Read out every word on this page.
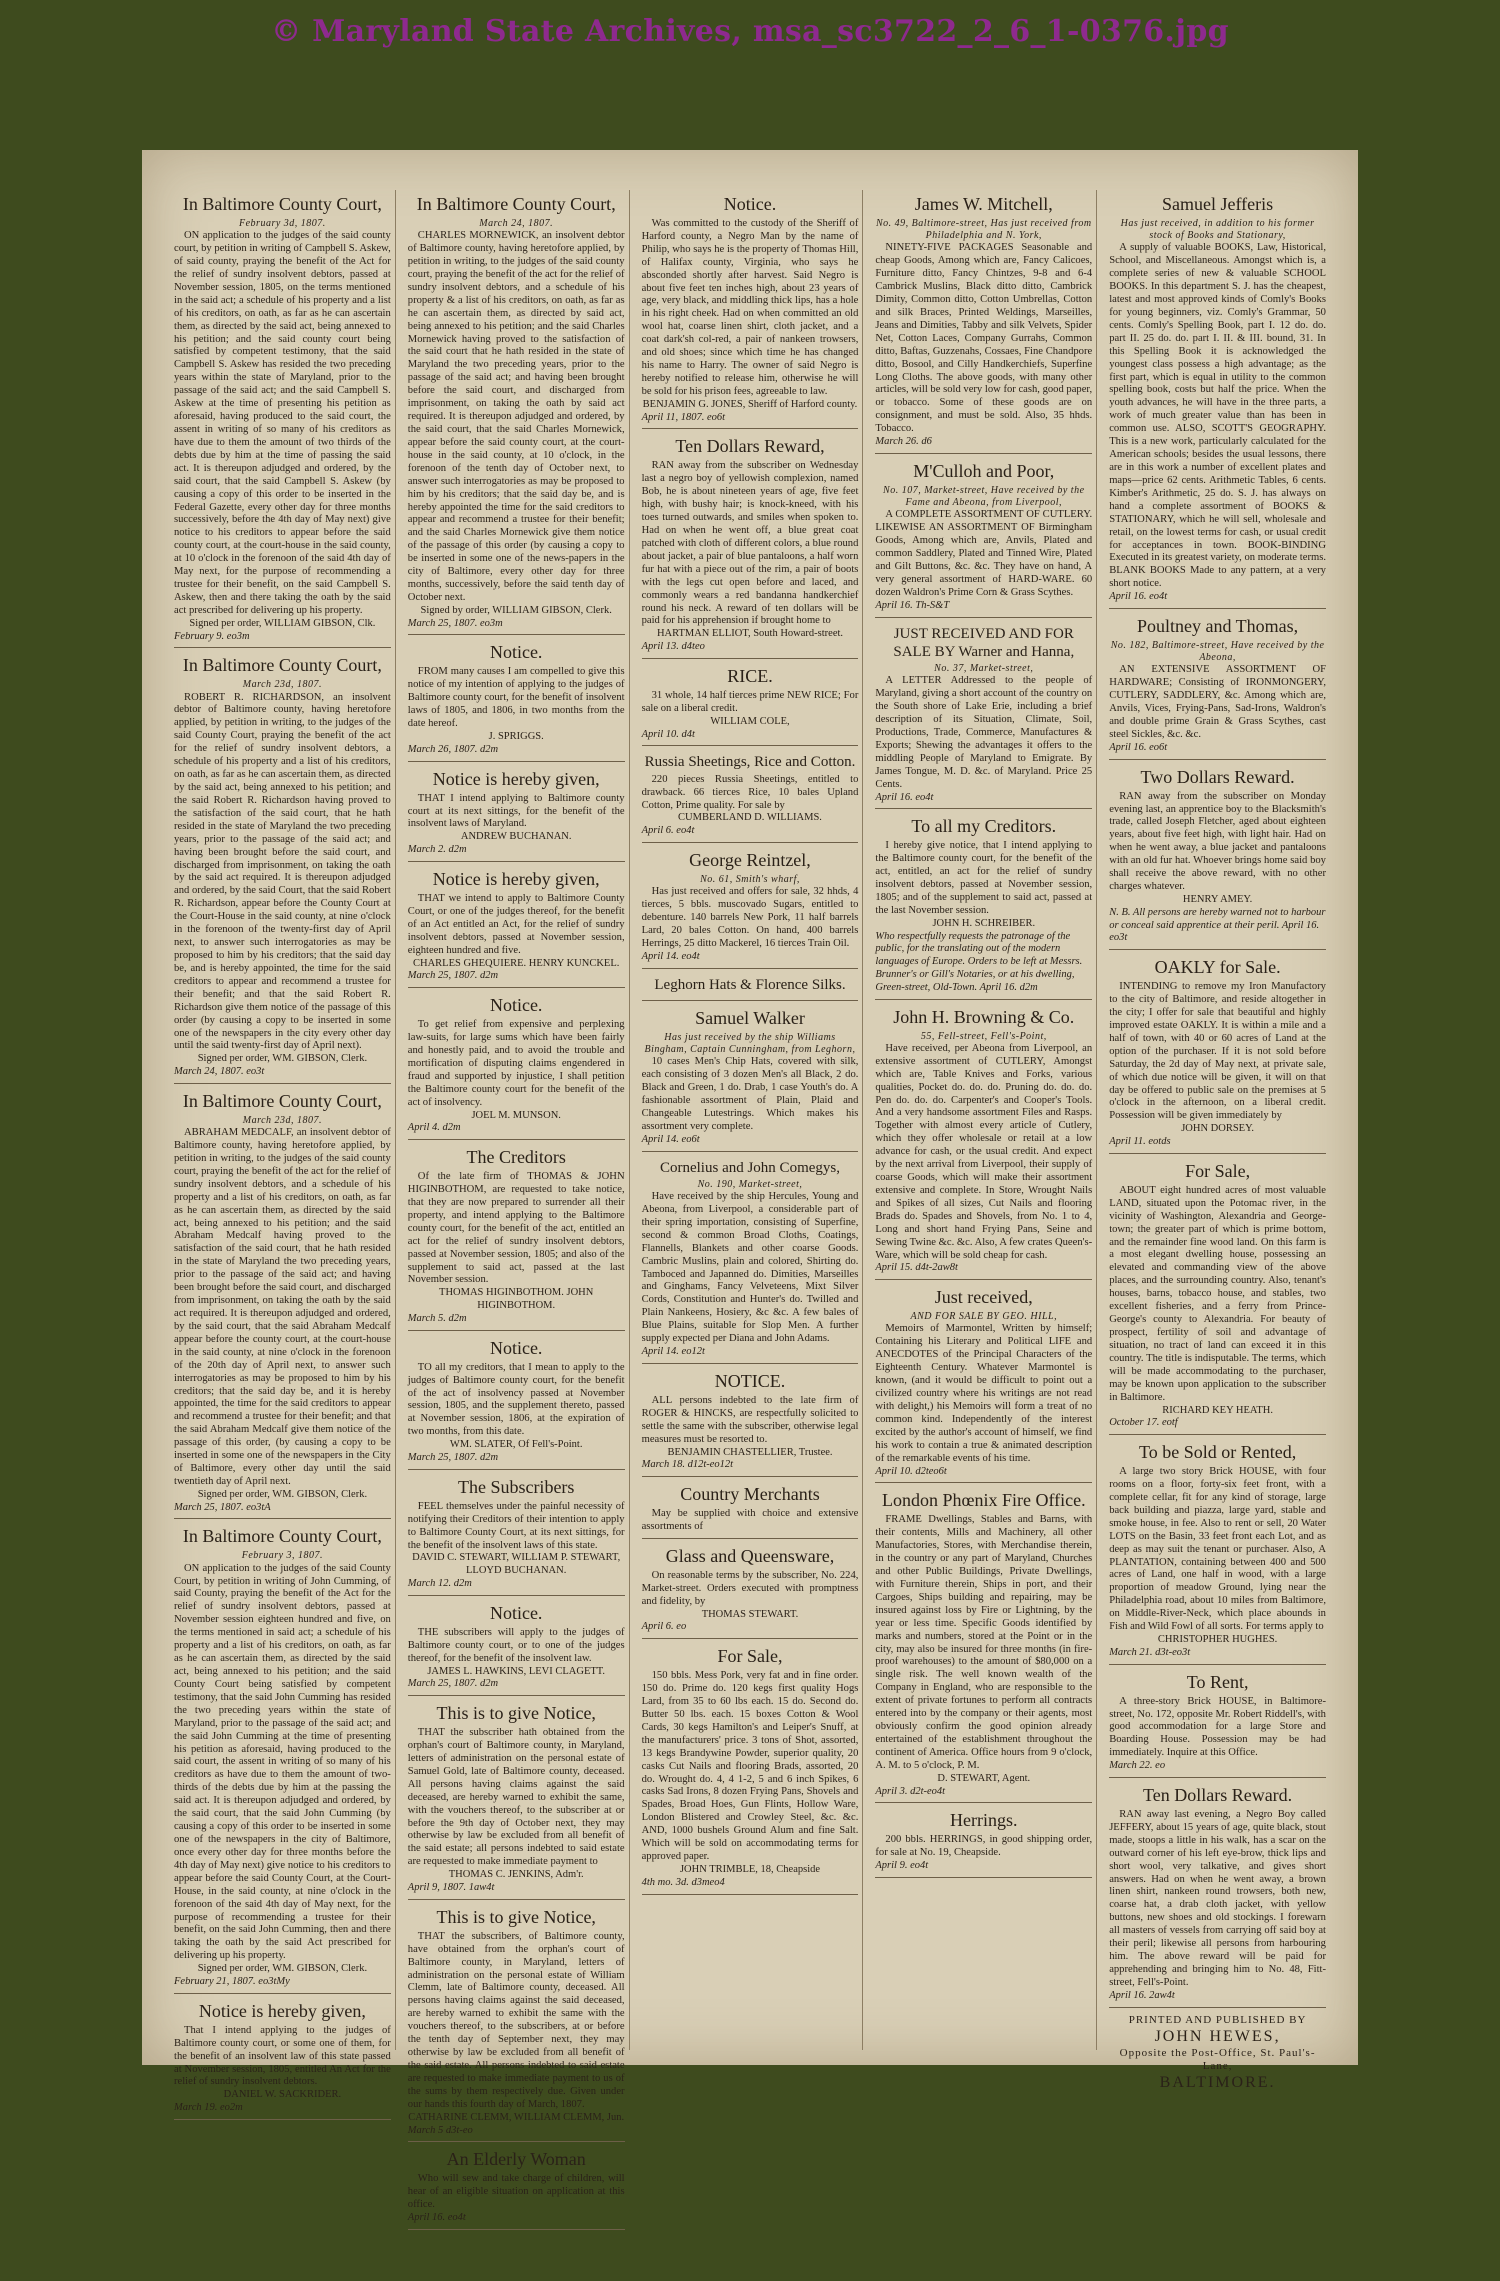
© Maryland State Archives, msa_sc3722_2_6_1-0376.jpg
In Baltimore County Court,
February 3d, 1807.
ON application to the judges of the said county court, by petition in writing of Campbell S. Askew, of said county, praying the benefit of the Act for the relief of sundry insolvent debtors, passed at November session, 1805, on the terms mentioned in the said act; a schedule of his property and a list of his creditors, on oath, as far as he can ascertain them, as directed by the said act, being annexed to his petition; and the said county court being satisfied by competent testimony, that the said Campbell S. Askew has resided the two preceding years within the state of Maryland, prior to the passage of the said act; and the said Campbell S. Askew at the time of presenting his petition as aforesaid, having produced to the said court, the assent in writing of so many of his creditors as have due to them the amount of two thirds of the debts due by him at the time of passing the said act. It is thereupon adjudged and ordered, by the said court, that the said Campbell S. Askew (by causing a copy of this order to be inserted in the Federal Gazette, every other day for three months successively, before the 4th day of May next) give notice to his creditors to appear before the said county court, at the court-house in the said county, at 10 o'clock in the forenoon of the said 4th day of May next, for the purpose of recommending a trustee for their benefit, on the said Campbell S. Askew, then and there taking the oath by the said act prescribed for delivering up his property.
Signed per order, WILLIAM GIBSON, Clk.
February 9. eo3m
In Baltimore County Court,
March 23d, 1807.
ROBERT R. RICHARDSON, an insolvent debtor of Baltimore county, having heretofore applied, by petition in writing, to the judges of the said County Court, praying the benefit of the act for the relief of sundry insolvent debtors, a schedule of his property and a list of his creditors, on oath, as far as he can ascertain them, as directed by the said act, being annexed to his petition; and the said Robert R. Richardson having proved to the satisfaction of the said court, that he hath resided in the state of Maryland the two preceding years, prior to the passage of the said act; and having been brought before the said court, and discharged from imprisonment, on taking the oath by the said act required. It is thereupon adjudged and ordered, by the said Court, that the said Robert R. Richardson, appear before the County Court at the Court-House in the said county, at nine o'clock in the forenoon of the twenty-first day of April next, to answer such interrogatories as may be proposed to him by his creditors; that the said day be, and is hereby appointed, the time for the said creditors to appear and recommend a trustee for their benefit; and that the said Robert R. Richardson give them notice of the passage of this order (by causing a copy to be inserted in some one of the newspapers in the city every other day until the said twenty-first day of April next).
Signed per order, WM. GIBSON, Clerk.
March 24, 1807. eo3t
In Baltimore County Court,
March 23d, 1807.
ABRAHAM MEDCALF, an insolvent debtor of Baltimore county, having heretofore applied, by petition in writing, to the judges of the said county court, praying the benefit of the act for the relief of sundry insolvent debtors, and a schedule of his property and a list of his creditors, on oath, as far as he can ascertain them, as directed by the said act, being annexed to his petition; and the said Abraham Medcalf having proved to the satisfaction of the said court, that he hath resided in the state of Maryland the two preceding years, prior to the passage of the said act; and having been brought before the said court, and discharged from imprisonment, on taking the oath by the said act required. It is thereupon adjudged and ordered, by the said court, that the said Abraham Medcalf appear before the county court, at the court-house in the said county, at nine o'clock in the forenoon of the 20th day of April next, to answer such interrogatories as may be proposed to him by his creditors; that the said day be, and it is hereby appointed, the time for the said creditors to appear and recommend a trustee for their benefit; and that the said Abraham Medcalf give them notice of the passage of this order, (by causing a copy to be inserted in some one of the newspapers in the City of Baltimore, every other day until the said twentieth day of April next.
Signed per order, WM. GIBSON, Clerk.
March 25, 1807. eo3tA
In Baltimore County Court,
February 3, 1807.
ON application to the judges of the said County Court, by petition in writing of John Cumming, of said County, praying the benefit of the Act for the relief of sundry insolvent debtors, passed at November session eighteen hundred and five, on the terms mentioned in said act; a schedule of his property and a list of his creditors, on oath, as far as he can ascertain them, as directed by the said act, being annexed to his petition; and the said County Court being satisfied by competent testimony, that the said John Cumming has resided the two preceding years within the state of Maryland, prior to the passage of the said act; and the said John Cumming at the time of presenting his petition as aforesaid, having produced to the said court, the assent in writing of so many of his creditors as have due to them the amount of two-thirds of the debts due by him at the passing the said act. It is thereupon adjudged and ordered, by the said court, that the said John Cumming (by causing a copy of this order to be inserted in some one of the newspapers in the city of Baltimore, once every other day for three months before the 4th day of May next) give notice to his creditors to appear before the said County Court, at the Court-House, in the said county, at nine o'clock in the forenoon of the said 4th day of May next, for the purpose of recommending a trustee for their benefit, on the said John Cumming, then and there taking the oath by the said Act prescribed for delivering up his property.
Signed per order, WM. GIBSON, Clerk.
February 21, 1807. eo3tMy
Notice is hereby given,
That I intend applying to the judges of Baltimore county court, or some one of them, for the benefit of an insolvent law of this state passed at November session, 1805, entitled An Act for the relief of sundry insolvent debtors.
DANIEL W. SACKRIDER.
March 19. eo2m
In Baltimore County Court,
March 24, 1807.
CHARLES MORNEWICK, an insolvent debtor of Baltimore county, having heretofore applied, by petition in writing, to the judges of the said county court, praying the benefit of the act for the relief of sundry insolvent debtors, and a schedule of his property & a list of his creditors, on oath, as far as he can ascertain them, as directed by said act, being annexed to his petition; and the said Charles Mornewick having proved to the satisfaction of the said court that he hath resided in the state of Maryland the two preceding years, prior to the passage of the said act; and having been brought before the said court, and discharged from imprisonment, on taking the oath by said act required. It is thereupon adjudged and ordered, by the said court, that the said Charles Mornewick, appear before the said county court, at the court-house in the said county, at 10 o'clock, in the forenoon of the tenth day of October next, to answer such interrogatories as may be proposed to him by his creditors; that the said day be, and is hereby appointed the time for the said creditors to appear and recommend a trustee for their benefit; and the said Charles Mornewick give them notice of the passage of this order (by causing a copy to be inserted in some one of the news-papers in the city of Baltimore, every other day for three months, successively, before the said tenth day of October next.
Signed by order, WILLIAM GIBSON, Clerk.
March 25, 1807. eo3m
Notice.
FROM many causes I am compelled to give this notice of my intention of applying to the judges of Baltimore county court, for the benefit of insolvent laws of 1805, and 1806, in two months from the date hereof.
J. SPRIGGS.
March 26, 1807. d2m
Notice is hereby given,
THAT I intend applying to Baltimore county court at its next sittings, for the benefit of the insolvent laws of Maryland.
ANDREW BUCHANAN.
March 2. d2m
Notice is hereby given,
THAT we intend to apply to Baltimore County Court, or one of the judges thereof, for the benefit of an Act entitled an Act, for the relief of sundry insolvent debtors, passed at November session, eighteen hundred and five.
CHARLES GHEQUIERE. HENRY KUNCKEL.
March 25, 1807. d2m
Notice.
To get relief from expensive and perplexing law-suits, for large sums which have been fairly and honestly paid, and to avoid the trouble and mortification of disputing claims engendered in fraud and supported by injustice, I shall petition the Baltimore county court for the benefit of the act of insolvency.
JOEL M. MUNSON.
April 4. d2m
The Creditors
Of the late firm of THOMAS & JOHN HIGINBOTHOM, are requested to take notice, that they are now prepared to surrender all their property, and intend applying to the Baltimore county court, for the benefit of the act, entitled an act for the relief of sundry insolvent debtors, passed at November session, 1805; and also of the supplement to said act, passed at the last November session.
THOMAS HIGINBOTHOM. JOHN HIGINBOTHOM.
March 5. d2m
Notice.
TO all my creditors, that I mean to apply to the judges of Baltimore county court, for the benefit of the act of insolvency passed at November session, 1805, and the supplement thereto, passed at November session, 1806, at the expiration of two months, from this date.
WM. SLATER, Of Fell's-Point.
March 25, 1807. d2m
The Subscribers
FEEL themselves under the painful necessity of notifying their Creditors of their intention to apply to Baltimore County Court, at its next sittings, for the benefit of the insolvent laws of this state.
DAVID C. STEWART, WILLIAM P. STEWART, LLOYD BUCHANAN.
March 12. d2m
Notice.
THE subscribers will apply to the judges of Baltimore county court, or to one of the judges thereof, for the benefit of the insolvent law.
JAMES L. HAWKINS, LEVI CLAGETT.
March 25, 1807. d2m
This is to give Notice,
THAT the subscriber hath obtained from the orphan's court of Baltimore county, in Maryland, letters of administration on the personal estate of Samuel Gold, late of Baltimore county, deceased. All persons having claims against the said deceased, are hereby warned to exhibit the same, with the vouchers thereof, to the subscriber at or before the 9th day of October next, they may otherwise by law be excluded from all benefit of the said estate; all persons indebted to said estate are requested to make immediate payment to
THOMAS C. JENKINS, Adm'r.
April 9, 1807. 1aw4t
This is to give Notice,
THAT the subscribers, of Baltimore county, have obtained from the orphan's court of Baltimore county, in Maryland, letters of administration on the personal estate of William Clemm, late of Baltimore county, deceased. All persons having claims against the said deceased, are hereby warned to exhibit the same with the vouchers thereof, to the subscribers, at or before the tenth day of September next, they may otherwise by law be excluded from all benefit of the said estate. All persons indebted to said estate are requested to make immediate payment to us of the sums by them respectively due. Given under our hands this fourth day of March, 1807.
CATHARINE CLEMM, WILLIAM CLEMM, Jun.
March 5 d3t-eo
An Elderly Woman
Who will sew and take charge of children, will hear of an eligible situation on application at this office.
April 16. eo4t
Notice.
Was committed to the custody of the Sheriff of Harford county, a Negro Man by the name of Philip, who says he is the property of Thomas Hill, of Halifax county, Virginia, who says he absconded shortly after harvest. Said Negro is about five feet ten inches high, about 23 years of age, very black, and middling thick lips, has a hole in his right cheek. Had on when committed an old wool hat, coarse linen shirt, cloth jacket, and a coat dark'sh col-red, a pair of nankeen trowsers, and old shoes; since which time he has changed his name to Harry. The owner of said Negro is hereby notified to release him, otherwise he will be sold for his prison fees, agreeable to law.
BENJAMIN G. JONES, Sheriff of Harford county.
April 11, 1807. eo6t
Ten Dollars Reward,
RAN away from the subscriber on Wednesday last a negro boy of yellowish complexion, named Bob, he is about nineteen years of age, five feet high, with bushy hair; is knock-kneed, with his toes turned outwards, and smiles when spoken to. Had on when he went off, a blue great coat patched with cloth of different colors, a blue round about jacket, a pair of blue pantaloons, a half worn fur hat with a piece out of the rim, a pair of boots with the legs cut open before and laced, and commonly wears a red bandanna handkerchief round his neck. A reward of ten dollars will be paid for his apprehension if brought home to
HARTMAN ELLIOT, South Howard-street.
April 13. d4teo
RICE.
31 whole, 14 half tierces prime NEW RICE; For sale on a liberal credit.
WILLIAM COLE,
April 10. d4t
Russia Sheetings, Rice and Cotton.
220 pieces Russia Sheetings, entitled to drawback. 66 tierces Rice, 10 bales Upland Cotton, Prime quality. For sale by
CUMBERLAND D. WILLIAMS.
April 6. eo4t
George Reintzel,
No. 61, Smith's wharf,
Has just received and offers for sale, 32 hhds, 4 tierces, 5 bbls. muscovado Sugars, entitled to debenture. 140 barrels New Pork, 11 half barrels Lard, 20 bales Cotton. On hand, 400 barrels Herrings, 25 ditto Mackerel, 16 tierces Train Oil.
April 14. eo4t
Leghorn Hats & Florence Silks.
Samuel Walker
Has just received by the ship Williams Bingham, Captain Cunningham, from Leghorn,
10 cases Men's Chip Hats, covered with silk, each consisting of 3 dozen Men's all Black, 2 do. Black and Green, 1 do. Drab, 1 case Youth's do. A fashionable assortment of Plain, Plaid and Changeable Lutestrings. Which makes his assortment very complete.
April 14. eo6t
Cornelius and John Comegys,
No. 190, Market-street,
Have received by the ship Hercules, Young and Abeona, from Liverpool, a considerable part of their spring importation, consisting of Superfine, second & common Broad Cloths, Coatings, Flannells, Blankets and other coarse Goods. Cambric Muslins, plain and colored, Shirting do. Tamboced and Japanned do. Dimities, Marseilles and Ginghams, Fancy Velveteens, Mixt Silver Cords, Constitution and Hunter's do. Twilled and Plain Nankeens, Hosiery, &c &c. A few bales of Blue Plains, suitable for Slop Men. A further supply expected per Diana and John Adams.
April 14. eo12t
NOTICE.
ALL persons indebted to the late firm of ROGER & HINCKS, are respectfully solicited to settle the same with the subscriber, otherwise legal measures must be resorted to.
BENJAMIN CHASTELLIER, Trustee.
March 18. d12t-eo12t
Country Merchants
May be supplied with choice and extensive assortments of
Glass and Queensware,
On reasonable terms by the subscriber, No. 224, Market-street. Orders executed with promptness and fidelity, by
THOMAS STEWART.
April 6. eo
For Sale,
150 bbls. Mess Pork, very fat and in fine order. 150 do. Prime do. 120 kegs first quality Hogs Lard, from 35 to 60 lbs each. 15 do. Second do. Butter 50 lbs. each. 15 boxes Cotton & Wool Cards, 30 kegs Hamilton's and Leiper's Snuff, at the manufacturers' price. 3 tons of Shot, assorted, 13 kegs Brandywine Powder, superior quality, 20 casks Cut Nails and flooring Brads, assorted, 20 do. Wrought do. 4, 4 1-2, 5 and 6 inch Spikes, 6 casks Sad Irons, 8 dozen Frying Pans, Shovels and Spades, Broad Hoes, Gun Flints, Hollow Ware, London Blistered and Crowley Steel, &c. &c. AND, 1000 bushels Ground Alum and fine Salt. Which will be sold on accommodating terms for approved paper.
JOHN TRIMBLE, 18, Cheapside
4th mo. 3d. d3meo4
James W. Mitchell,
No. 49, Baltimore-street, Has just received from Philadelphia and N. York,
NINETY-FIVE PACKAGES Seasonable and cheap Goods, Among which are, Fancy Calicoes, Furniture ditto, Fancy Chintzes, 9-8 and 6-4 Cambrick Muslins, Black ditto ditto, Cambrick Dimity, Common ditto, Cotton Umbrellas, Cotton and silk Braces, Printed Weldings, Marseilles, Jeans and Dimities, Tabby and silk Velvets, Spider Net, Cotton Laces, Company Gurrahs, Common ditto, Baftas, Guzzenahs, Cossaes, Fine Chandpore ditto, Bosool, and Cilly Handkerchiefs, Superfine Long Cloths. The above goods, with many other articles, will be sold very low for cash, good paper, or tobacco. Some of these goods are on consignment, and must be sold. Also, 35 hhds. Tobacco.
March 26. d6
M'Culloh and Poor,
No. 107, Market-street, Have received by the Fame and Abeona, from Liverpool,
A COMPLETE ASSORTMENT OF CUTLERY. LIKEWISE AN ASSORTMENT OF Birmingham Goods, Among which are, Anvils, Plated and common Saddlery, Plated and Tinned Wire, Plated and Gilt Buttons, &c. &c. They have on hand, A very general assortment of HARD-WARE. 60 dozen Waldron's Prime Corn & Grass Scythes.
April 16. Th-S&T
JUST RECEIVED AND FOR SALE BY Warner and Hanna,
No. 37, Market-street,
A LETTER Addressed to the people of Maryland, giving a short account of the country on the South shore of Lake Erie, including a brief description of its Situation, Climate, Soil, Productions, Trade, Commerce, Manufactures & Exports; Shewing the advantages it offers to the middling People of Maryland to Emigrate. By James Tongue, M. D. &c. of Maryland. Price 25 Cents.
April 16. eo4t
To all my Creditors.
I hereby give notice, that I intend applying to the Baltimore county court, for the benefit of the act, entitled, an act for the relief of sundry insolvent debtors, passed at November session, 1805; and of the supplement to said act, passed at the last November session.
JOHN H. SCHREIBER.
Who respectfully requests the patronage of the public, for the translating out of the modern languages of Europe. Orders to be left at Messrs. Brunner's or Gill's Notaries, or at his dwelling, Green-street, Old-Town. April 16. d2m
John H. Browning & Co.
55, Fell-street, Fell's-Point,
Have received, per Abeona from Liverpool, an extensive assortment of CUTLERY, Amongst which are, Table Knives and Forks, various qualities, Pocket do. do. do. Pruning do. do. do. Pen do. do. do. Carpenter's and Cooper's Tools. And a very handsome assortment Files and Rasps. Together with almost every article of Cutlery, which they offer wholesale or retail at a low advance for cash, or the usual credit. And expect by the next arrival from Liverpool, their supply of coarse Goods, which will make their assortment extensive and complete. In Store, Wrought Nails and Spikes of all sizes, Cut Nails and flooring Brads do. Spades and Shovels, from No. 1 to 4, Long and short hand Frying Pans, Seine and Sewing Twine &c. &c. Also, A few crates Queen's-Ware, which will be sold cheap for cash.
April 15. d4t-2aw8t
Just received,
AND FOR SALE BY GEO. HILL,
Memoirs of Marmontel, Written by himself; Containing his Literary and Political LIFE and ANECDOTES of the Principal Characters of the Eighteenth Century. Whatever Marmontel is known, (and it would be difficult to point out a civilized country where his writings are not read with delight,) his Memoirs will form a treat of no common kind. Independently of the interest excited by the author's account of himself, we find his work to contain a true & animated description of the remarkable events of his time.
April 10. d2teo6t
London Phœnix Fire Office.
FRAME Dwellings, Stables and Barns, with their contents, Mills and Machinery, all other Manufactories, Stores, with Merchandise therein, in the country or any part of Maryland, Churches and other Public Buildings, Private Dwellings, with Furniture therein, Ships in port, and their Cargoes, Ships building and repairing, may be insured against loss by Fire or Lightning, by the year or less time. Specific Goods identified by marks and numbers, stored at the Point or in the city, may also be insured for three months (in fire-proof warehouses) to the amount of $80,000 on a single risk. The well known wealth of the Company in England, who are responsible to the extent of private fortunes to perform all contracts entered into by the company or their agents, most obviously confirm the good opinion already entertained of the establishment throughout the continent of America. Office hours from 9 o'clock, A. M. to 5 o'clock, P. M.
D. STEWART, Agent.
April 3. d2t-eo4t
Herrings.
200 bbls. HERRINGS, in good shipping order, for sale at No. 19, Cheapside.
April 9. eo4t
Samuel Jefferis
Has just received, in addition to his former stock of Books and Stationary,
A supply of valuable BOOKS, Law, Historical, School, and Miscellaneous. Amongst which is, a complete series of new & valuable SCHOOL BOOKS. In this department S. J. has the cheapest, latest and most approved kinds of Comly's Books for young beginners, viz. Comly's Grammar, 50 cents. Comly's Spelling Book, part I. 12 do. do. part II. 25 do. do. part I. II. & III. bound, 31. In this Spelling Book it is acknowledged the youngest class possess a high advantage; as the first part, which is equal in utility to the common spelling book, costs but half the price. When the youth advances, he will have in the three parts, a work of much greater value than has been in common use. ALSO, SCOTT'S GEOGRAPHY. This is a new work, particularly calculated for the American schools; besides the usual lessons, there are in this work a number of excellent plates and maps—price 62 cents. Arithmetic Tables, 6 cents. Kimber's Arithmetic, 25 do. S. J. has always on hand a complete assortment of BOOKS & STATIONARY, which he will sell, wholesale and retail, on the lowest terms for cash, or usual credit for acceptances in town. BOOK-BINDING Executed in its greatest variety, on moderate terms. BLANK BOOKS Made to any pattern, at a very short notice.
April 16. eo4t
Poultney and Thomas,
No. 182, Baltimore-street, Have received by the Abeona,
AN EXTENSIVE ASSORTMENT OF HARDWARE; Consisting of IRONMONGERY, CUTLERY, SADDLERY, &c. Among which are, Anvils, Vices, Frying-Pans, Sad-Irons, Waldron's and double prime Grain & Grass Scythes, cast steel Sickles, &c. &c.
April 16. eo6t
Two Dollars Reward.
RAN away from the subscriber on Monday evening last, an apprentice boy to the Blacksmith's trade, called Joseph Fletcher, aged about eighteen years, about five feet high, with light hair. Had on when he went away, a blue jacket and pantaloons with an old fur hat. Whoever brings home said boy shall receive the above reward, with no other charges whatever.
HENRY AMEY.
N. B. All persons are hereby warned not to harbour or conceal said apprentice at their peril. April 16. eo3t
OAKLY for Sale.
INTENDING to remove my Iron Manufactory to the city of Baltimore, and reside altogether in the city; I offer for sale that beautiful and highly improved estate OAKLY. It is within a mile and a half of town, with 40 or 60 acres of Land at the option of the purchaser. If it is not sold before Saturday, the 2d day of May next, at private sale, of which due notice will be given, it will on that day be offered to public sale on the premises at 5 o'clock in the afternoon, on a liberal credit. Possession will be given immediately by
JOHN DORSEY.
April 11. eotds
For Sale,
ABOUT eight hundred acres of most valuable LAND, situated upon the Potomac river, in the vicinity of Washington, Alexandria and George-town; the greater part of which is prime bottom, and the remainder fine wood land. On this farm is a most elegant dwelling house, possessing an elevated and commanding view of the above places, and the surrounding country. Also, tenant's houses, barns, tobacco house, and stables, two excellent fisheries, and a ferry from Prince-George's county to Alexandria. For beauty of prospect, fertility of soil and advantage of situation, no tract of land can exceed it in this country. The title is indisputable. The terms, which will be made accommodating to the purchaser, may be known upon application to the subscriber in Baltimore.
RICHARD KEY HEATH.
October 17. eotf
To be Sold or Rented,
A large two story Brick HOUSE, with four rooms on a floor, forty-six feet front, with a complete cellar, fit for any kind of storage, large back building and piazza, large yard, stable and smoke house, in fee. Also to rent or sell, 20 Water LOTS on the Basin, 33 feet front each Lot, and as deep as may suit the tenant or purchaser. Also, A PLANTATION, containing between 400 and 500 acres of Land, one half in wood, with a large proportion of meadow Ground, lying near the Philadelphia road, about 10 miles from Baltimore, on Middle-River-Neck, which place abounds in Fish and Wild Fowl of all sorts. For terms apply to
CHRISTOPHER HUGHES.
March 21. d3t-eo3t
To Rent,
A three-story Brick HOUSE, in Baltimore-street, No. 172, opposite Mr. Robert Riddell's, with good accommodation for a large Store and Boarding House. Possession may be had immediately. Inquire at this Office.
March 22. eo
Ten Dollars Reward.
RAN away last evening, a Negro Boy called JEFFERY, about 15 years of age, quite black, stout made, stoops a little in his walk, has a scar on the outward corner of his left eye-brow, thick lips and short wool, very talkative, and gives short answers. Had on when he went away, a brown linen shirt, nankeen round trowsers, both new, coarse hat, a drab cloth jacket, with yellow buttons, new shoes and old stockings. I forewarn all masters of vessels from carrying off said boy at their peril; likewise all persons from harbouring him. The above reward will be paid for apprehending and bringing him to No. 48, Fitt-street, Fell's-Point.
April 16. 2aw4t
PRINTED AND PUBLISHED BY
JOHN HEWES,
Opposite the Post-Office, St. Paul's-Lane,
BALTIMORE.
